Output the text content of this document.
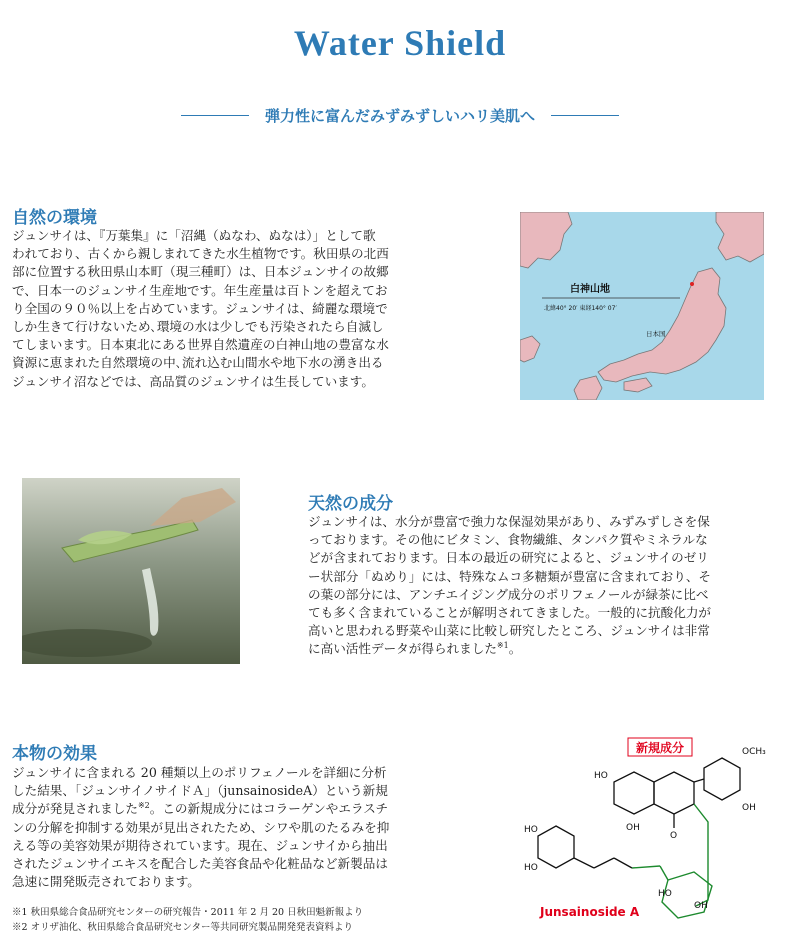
Water Shield
弾力性に富んだみずみずしいハリ美肌へ
自然の環境
ジュンサイは、『万葉集』に「沼縄（ぬなわ、ぬなは）」として歌
われており、古くから親しまれてきた水生植物です。秋田県の北西
部に位置する秋田県山本町（現三種町）は、日本ジュンサイの故郷
で、日本一のジュンサイ生産地です。年生産量は百トンを超えてお
り全国の９０％以上を占めています。ジュンサイは、綺麗な環境で
しか生きて行けないため､環境の水は少しでも汚染されたら自滅し
てしまいます。日本東北にある世界自然遺産の白神山地の豊富な水
資源に恵まれた自然環境の中､流れ込む山間水や地下水の湧き出る
ジュンサイ沼などでは、高品質のジュンサイは生長しています。
白神山地
北緯40° 20′ 東経140° 07′
日本国
天然の成分
ジュンサイは、水分が豊富で強力な保湿効果があり、みずみずしさを保
っております。その他にビタミン、食物繊維、タンパク質やミネラルな
どが含まれております。日本の最近の研究によると、ジュンサイのゼリ
ー状部分「ぬめり」には、特殊なムコ多糖類が豊富に含まれており、そ
の葉の部分には、アンチエイジング成分のポリフェノールが緑茶に比べ
ても多く含まれていることが解明されてきました。一般的に抗酸化力が
高いと思われる野菜や山菜に比較し研究したところ、ジュンサイは非常
に高い活性データが得られました$^{※1}$。
本物の効果
ジュンサイに含まれる 20 種類以上のポリフェノールを詳細に分析
した結果、「ジュンサイノサイドＡ」（junsainosideA）という新規
成分が発見されました$^{※2}$。この新規成分にはコラーゲンやエラスチ
ンの分解を抑制する効果が見出されたため、シワや肌のたるみを抑
える等の美容効果が期待されています。現在、ジュンサイから抽出
されたジュンサイエキスを配合した美容食品や化粧品など新製品は
急速に開発販売されております。
新規成分
HO
OH
O
OCH₃
OH
HO
HO
HO
OH
Junsainoside A
※1 秋田県総合食品研究センターの研究報告・2011 年 2 月 20 日秋田魁新報より
※2 オリザ油化、秋田県総合食品研究センター等共同研究製品開発発表資料より
